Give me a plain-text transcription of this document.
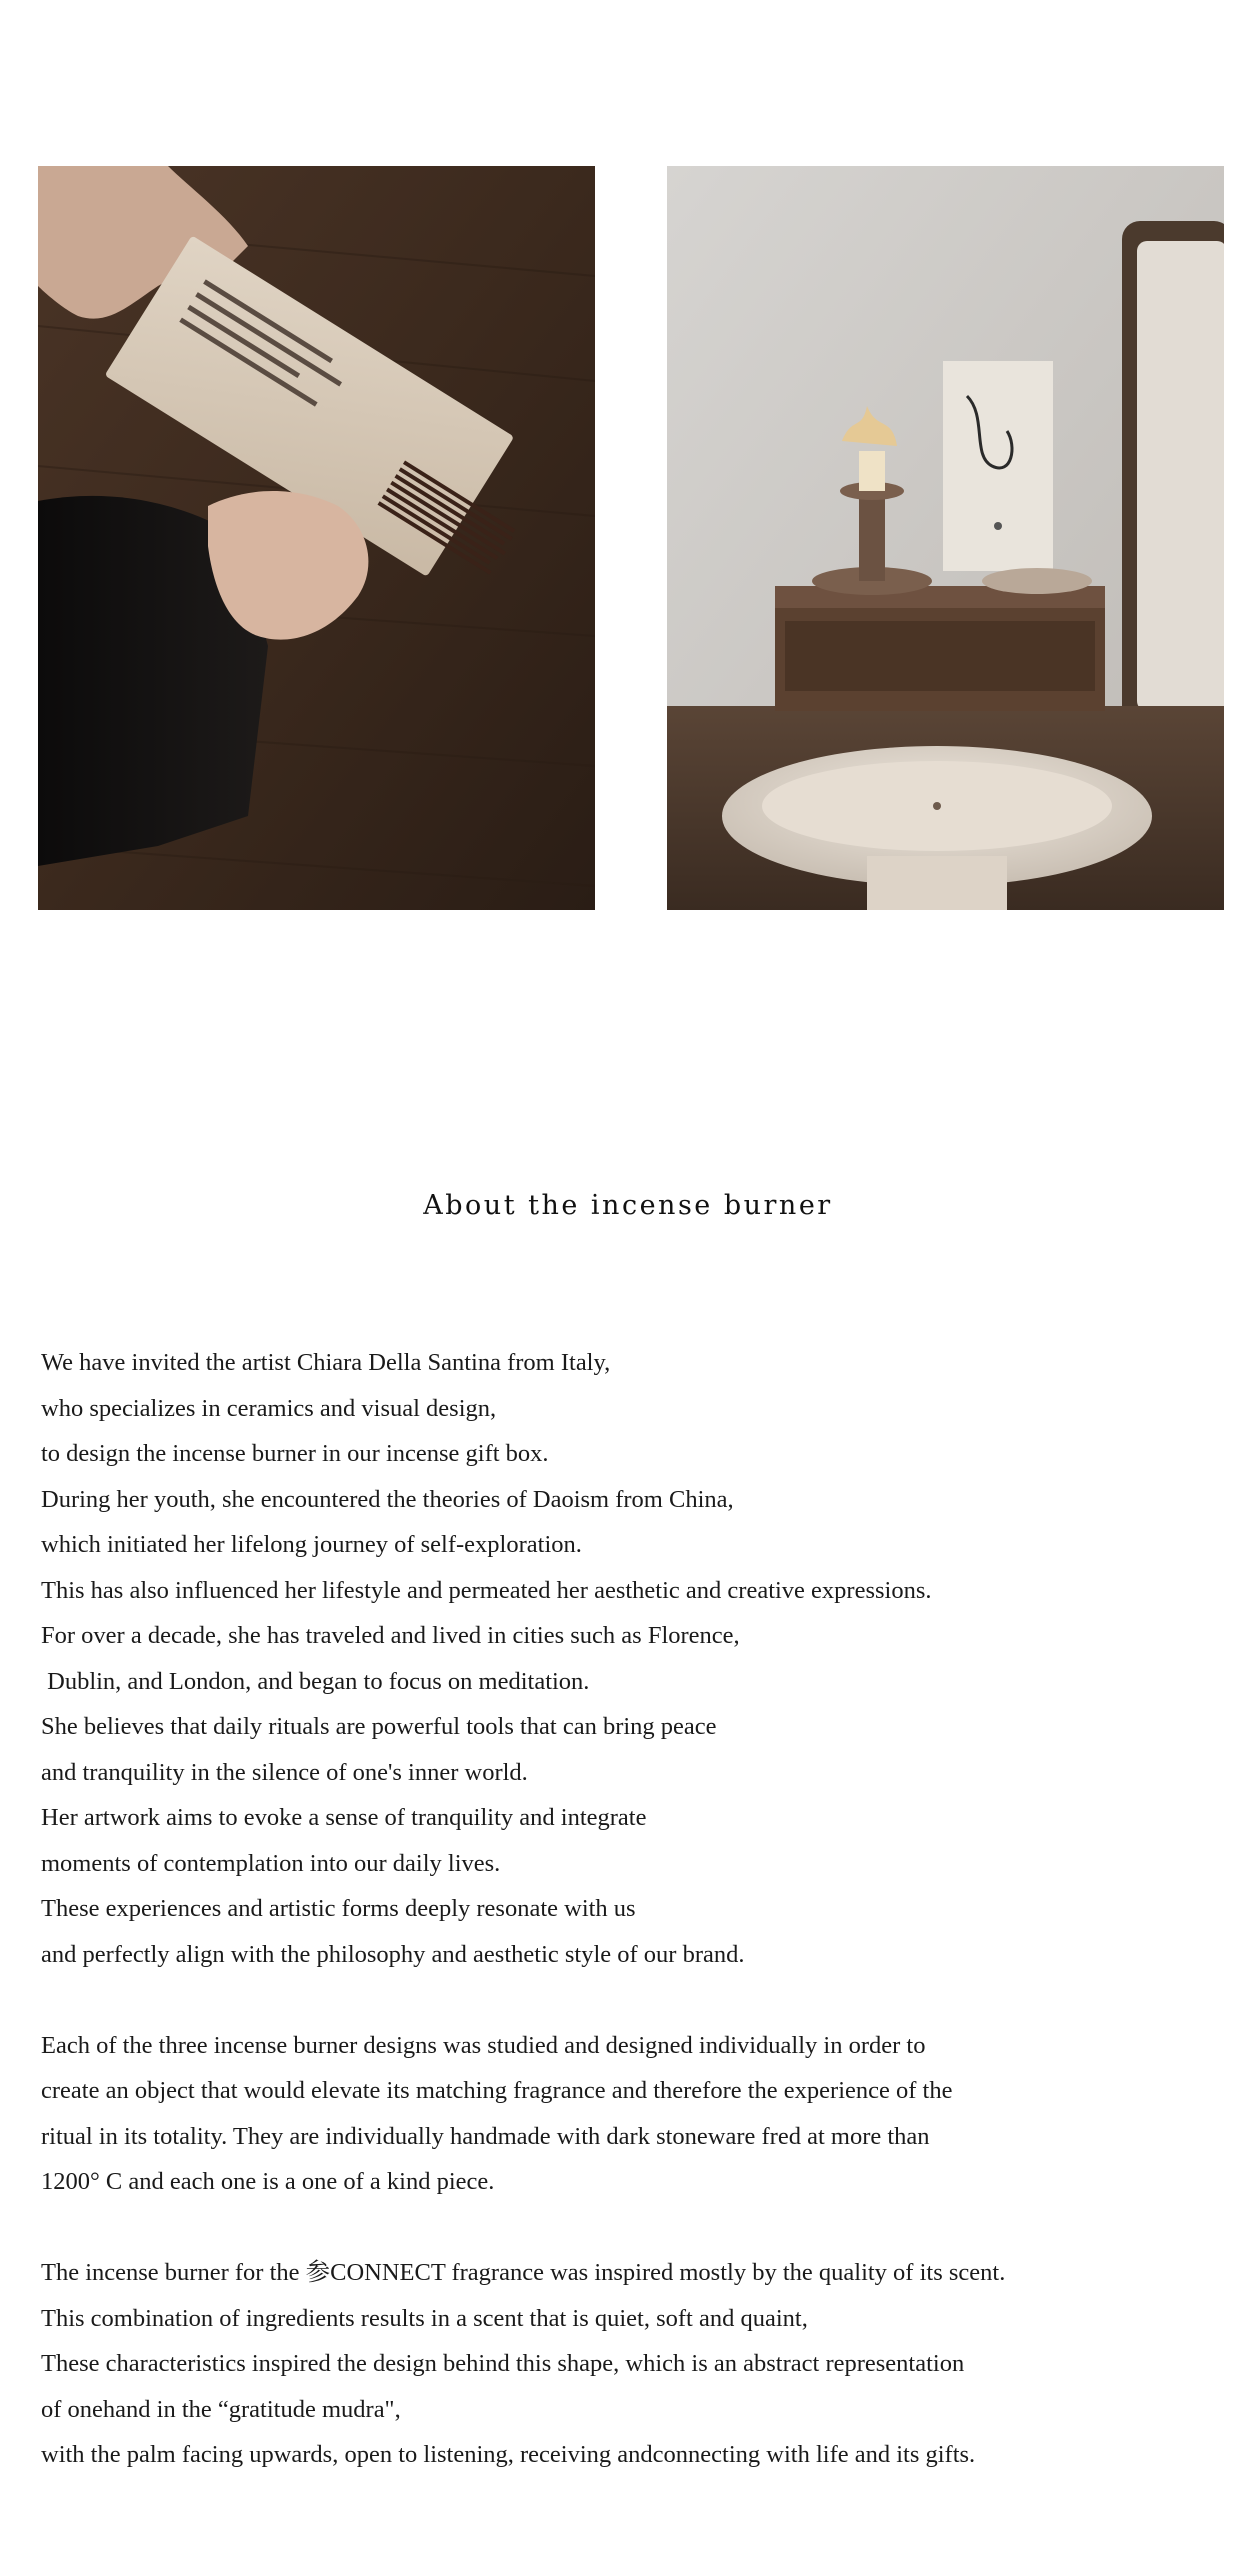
About the incense burner
We have invited the artist Chiara Della Santina from Italy,
who specializes in ceramics and visual design,
to design the incense burner in our incense gift box.
During her youth, she encountered the theories of Daoism from China,
which initiated her lifelong journey of self-exploration.
This has also influenced her lifestyle and permeated her aesthetic and creative expressions.
For over a decade, she has traveled and lived in cities such as Florence,
Dublin, and London, and began to focus on meditation.
She believes that daily rituals are powerful tools that can bring peace
and tranquility in the silence of one's inner world.
Her artwork aims to evoke a sense of tranquility and integrate
moments of contemplation into our daily lives.
These experiences and artistic forms deeply resonate with us
and perfectly align with the philosophy and aesthetic style of our brand.
Each of the three incense burner designs was studied and designed individually in order to
create an object that would elevate its matching fragrance and therefore the experience of the
ritual in its totality. They are individually handmade with dark stoneware fred at more than
1200° C and each one is a one of a kind piece.
The incense burner for the 参CONNECT fragrance was inspired mostly by the quality of its scent.
This combination of ingredients results in a scent that is quiet, soft and quaint,
These characteristics inspired the design behind this shape, which is an abstract representation
of onehand in the “gratitude mudra",
with the palm facing upwards, open to listening, receiving andconnecting with life and its gifts.
